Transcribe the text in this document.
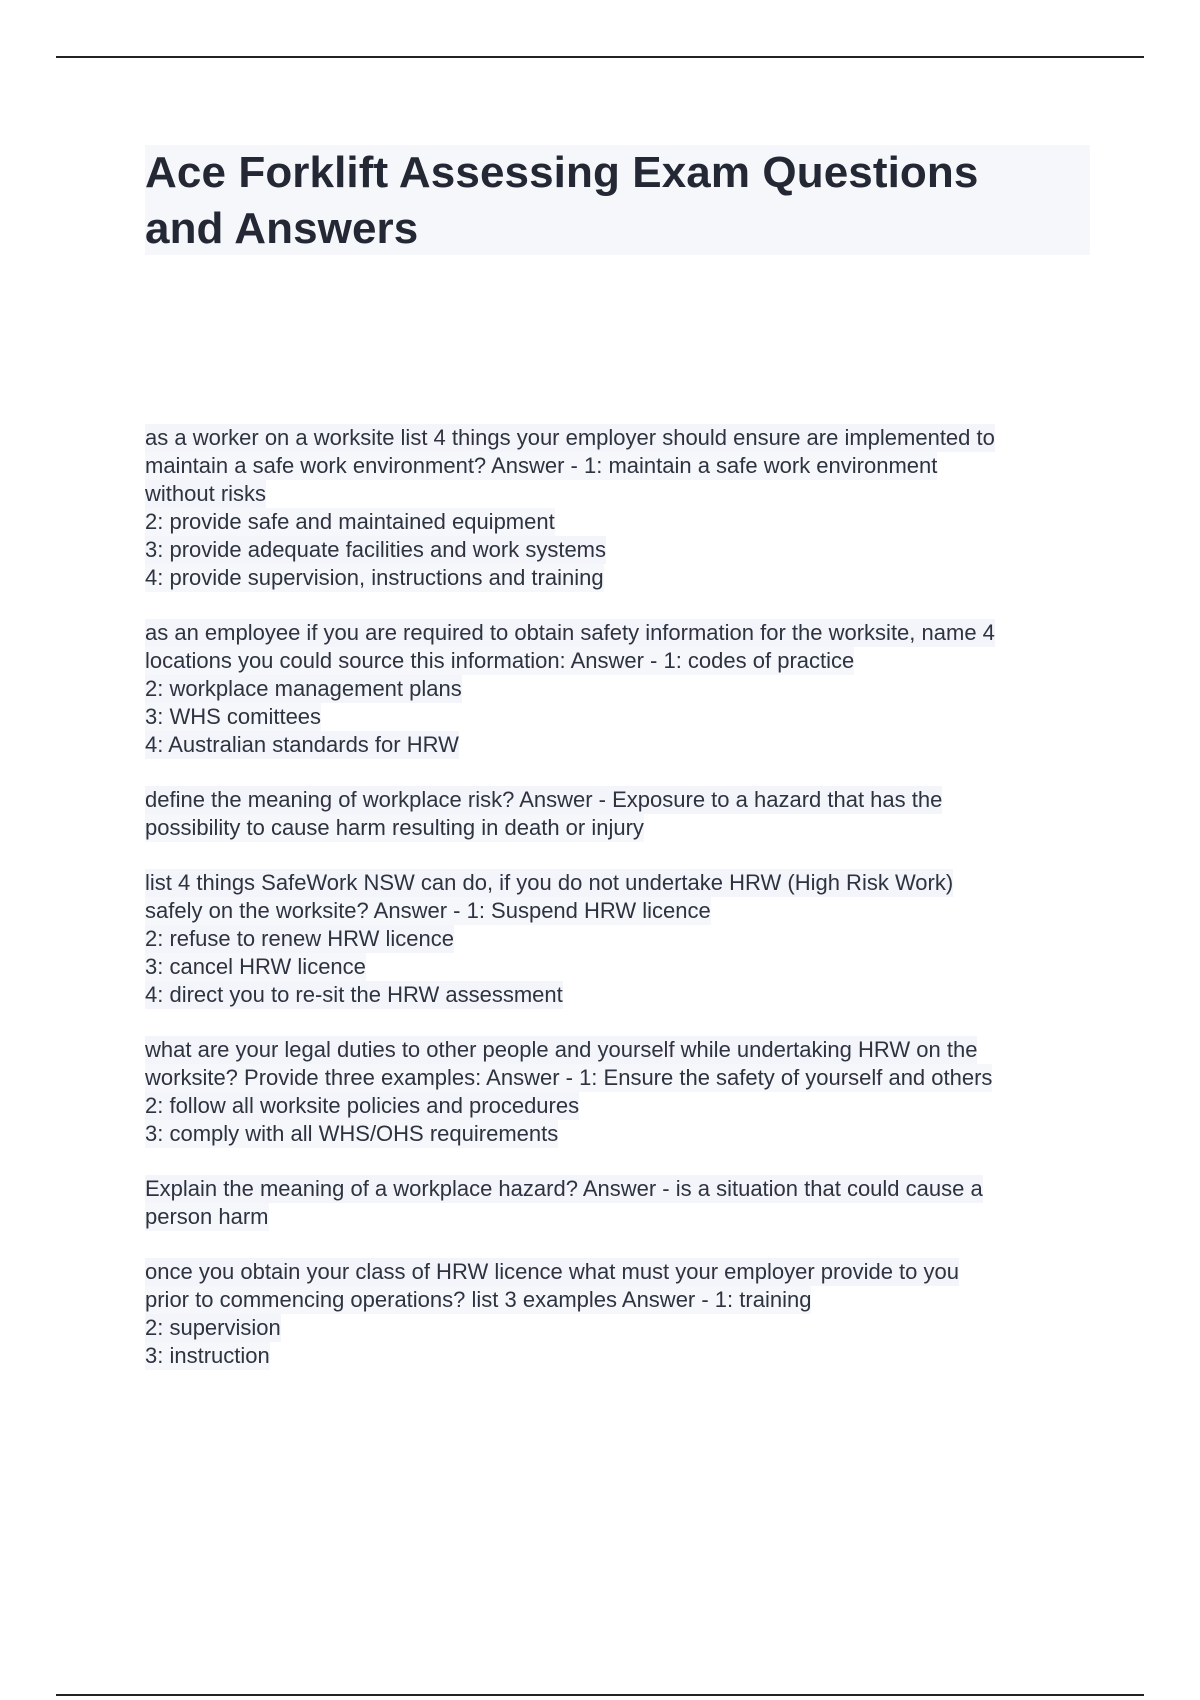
Ace Forklift Assessing Exam Questions
and Answers
as a worker on a worksite list 4 things your employer should ensure are implemented to
maintain a safe work environment? Answer - 1: maintain a safe work environment
without risks
2: provide safe and maintained equipment
3: provide adequate facilities and work systems
4: provide supervision, instructions and training
as an employee if you are required to obtain safety information for the worksite, name 4
locations you could source this information: Answer - 1: codes of practice
2: workplace management plans
3: WHS comittees
4: Australian standards for HRW
define the meaning of workplace risk? Answer - Exposure to a hazard that has the
possibility to cause harm resulting in death or injury
list 4 things SafeWork NSW can do, if you do not undertake HRW (High Risk Work)
safely on the worksite? Answer - 1: Suspend HRW licence
2: refuse to renew HRW licence
3: cancel HRW licence
4: direct you to re-sit the HRW assessment
what are your legal duties to other people and yourself while undertaking HRW on the
worksite? Provide three examples: Answer - 1: Ensure the safety of yourself and others
2: follow all worksite policies and procedures
3: comply with all WHS/OHS requirements
Explain the meaning of a workplace hazard? Answer - is a situation that could cause a
person harm
once you obtain your class of HRW licence what must your employer provide to you
prior to commencing operations? list 3 examples Answer - 1: training
2: supervision
3: instruction
